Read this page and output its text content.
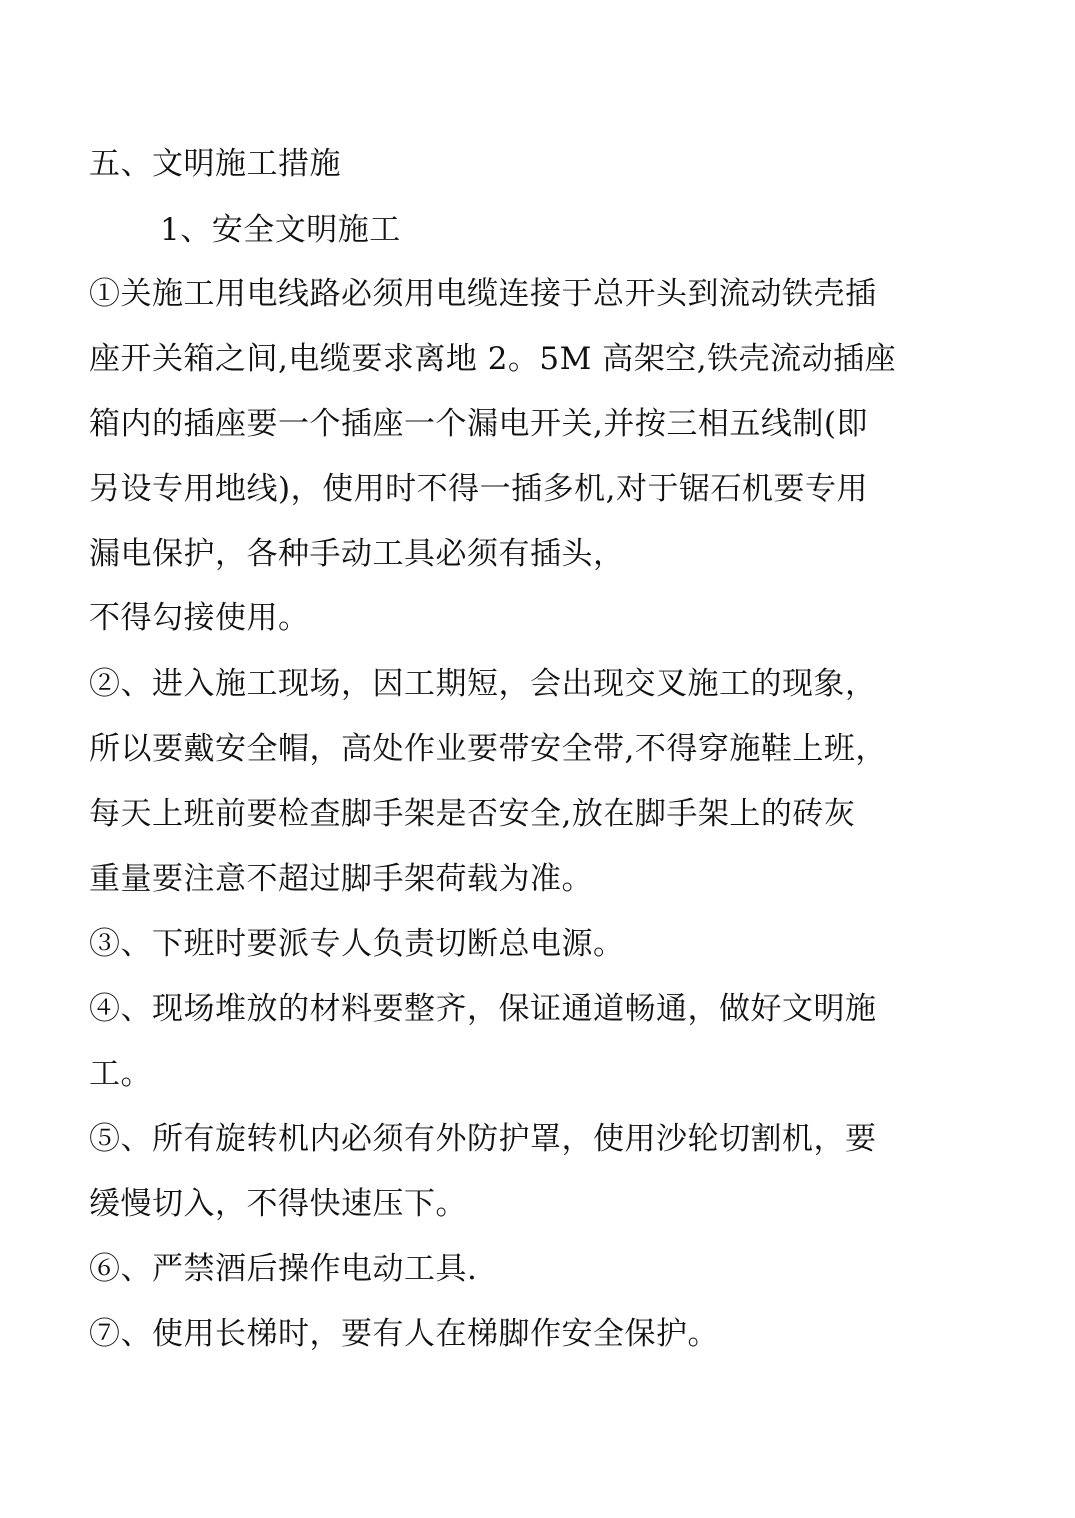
五、文明施工措施
1、安全文明施工
①关施工用电线路必须用电缆连接于总开头到流动铁壳插
座开关箱之间,电缆要求离地 2。5M 高架空,铁壳流动插座
箱内的插座要一个插座一个漏电开关,并按三相五线制(即
另设专用地线)，使用时不得一插多机,对于锯石机要专用
漏电保护，各种手动工具必须有插头，
不得勾接使用。
②、进入施工现场，因工期短，会出现交叉施工的现象，
所以要戴安全帽，高处作业要带安全带,不得穿施鞋上班，
每天上班前要检查脚手架是否安全,放在脚手架上的砖灰
重量要注意不超过脚手架荷载为准。
③、下班时要派专人负责切断总电源。
④、现场堆放的材料要整齐，保证通道畅通，做好文明施
工。
⑤、所有旋转机内必须有外防护罩，使用沙轮切割机，要
缓慢切入，不得快速压下。
⑥、严禁酒后操作电动工具.
⑦、使用长梯时，要有人在梯脚作安全保护。
